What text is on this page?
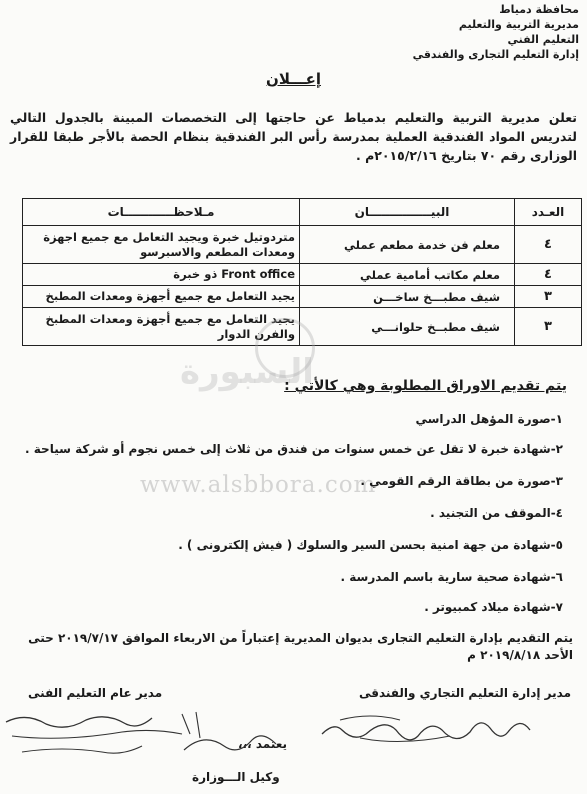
محافظة دمياط
مديرية التربية والتعليم
التعليم الفني
إدارة التعليم التجارى والفندقي
إعـــلان
تعلن مديرية التربية والتعليم بدمياط عن حاجتها إلى التخصصات المبينة بالجدول التالي لتدريس المواد الفندقية العملية بمدرسة رأس البر الفندقية بنظام الحصة بالأجر طبقا للقرار الوزارى رقم ٧٠ بتاريخ ٢٠١٥/٢/١٦م .
العـدد	البيـــــــــــــــان	مـلاحظــــــــــــات
٤	معلم فن خدمة مطعم عملي	متردوتيل خبرة ويجيد التعامل مع جميع اجهزة ومعدات المطعم والاسبرسو
٤	معلم مكاتب أمامية عملي	Front office ذو خبرة
٣	شيف مطبـــخ ساخـــن	يجيد التعامل مع جميع أجهزة ومعدات المطبخ
٣	شيف مطبــخ حلوانـــي	يجيد التعامل مع جميع أجهزة ومعدات المطبخ والفرن الدوار
السبورة
www.alsbbora.com
يتم تقديم الاوراق المطلوبة وهي كالأتي :
١-صورة المؤهل الدراسي
٢-شهادة خبرة لا تقل عن خمس سنوات من فندق من ثلاث إلى خمس نجوم أو شركة سياحة .
٣-صورة من بطاقة الرقم القومي .
٤-الموقف من التجنيد .
٥-شهادة من جهة امنية بحسن السير والسلوك ( فيش إلكترونى ) .
٦-شهادة صحية سارية باسم المدرسة .
٧-شهادة ميلاد كمبيوتر .
يتم التقديم بإدارة التعليم التجارى بديوان المديرية إعتباراً من الاربعاء الموافق ٢٠١٩/٧/١٧ حتى الأحد ٢٠١٩/٨/١٨ م
مدير إدارة التعليم التجاري والفندقى
مدير عام التعليم الفنى
يعتمد ،،،
وكيل الـــوزارة
